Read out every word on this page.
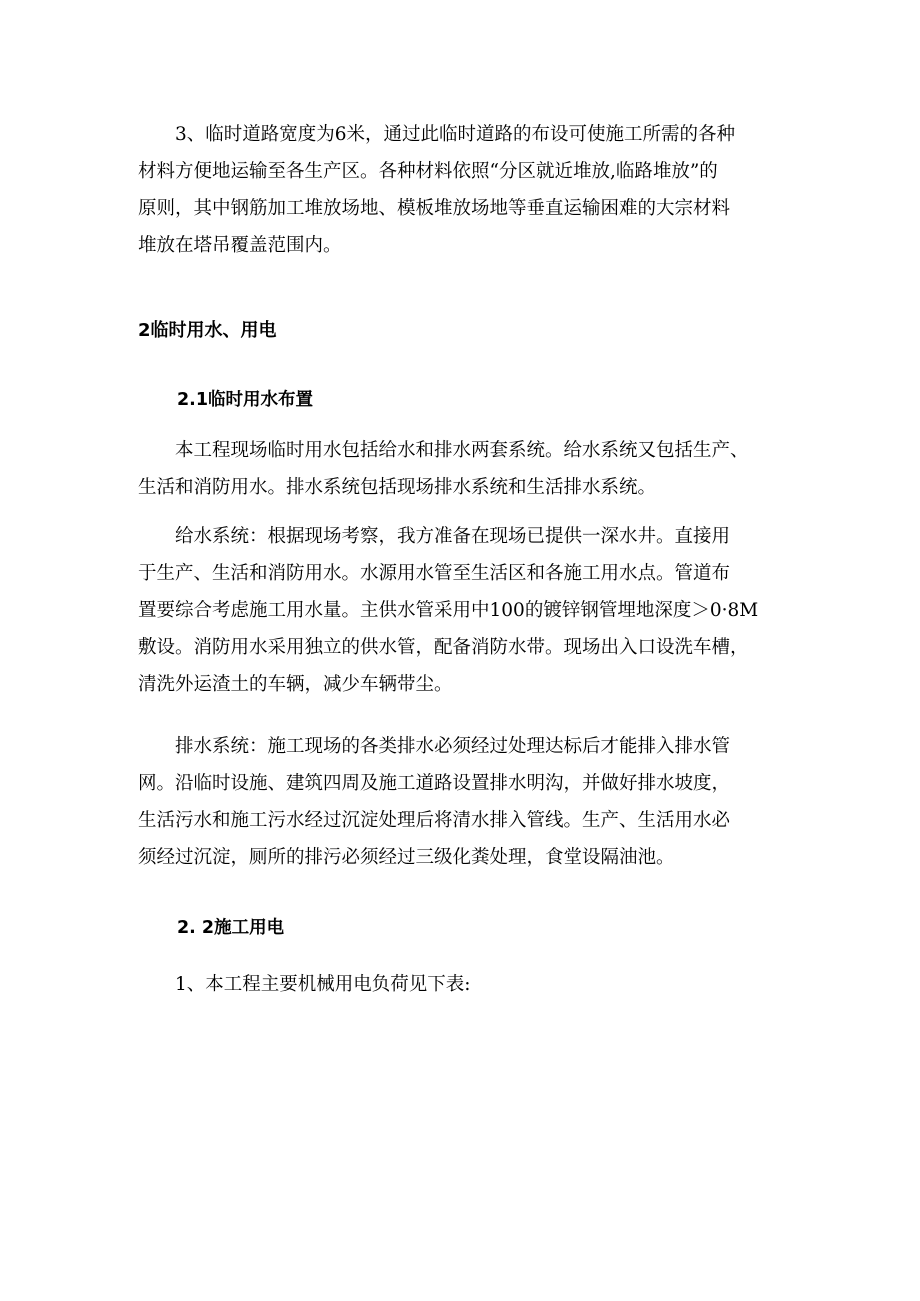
3、临时道路宽度为6米，通过此临时道路的布设可使施工所需的各种
材料方便地运输至各生产区。各种材料依照“分区就近堆放,临路堆放”的
原则，其中钢筋加工堆放场地、模板堆放场地等垂直运输困难的大宗材料
堆放在塔吊覆盖范围内。
2临时用水、用电
2.1临时用水布置
本工程现场临时用水包括给水和排水两套系统。给水系统又包括生产、
生活和消防用水。排水系统包括现场排水系统和生活排水系统。
给水系统：根据现场考察，我方准备在现场已提供一深水井。直接用
于生产、生活和消防用水。水源用水管至生活区和各施工用水点。管道布
置要综合考虑施工用水量。主供水管采用中100的镀锌钢管埋地深度＞0·8M
敷设。消防用水采用独立的供水管，配备消防水带。现场出入口设洗车槽，
清洗外运渣土的车辆，减少车辆带尘。
排水系统：施工现场的各类排水必须经过处理达标后才能排入排水管
网。沿临时设施、建筑四周及施工道路设置排水明沟，并做好排水坡度，
生活污水和施工污水经过沉淀处理后将清水排入管线。生产、生活用水必
须经过沉淀，厕所的排污必须经过三级化粪处理，食堂设隔油池。
2. 2施工用电
1、本工程主要机械用电负荷见下表:
